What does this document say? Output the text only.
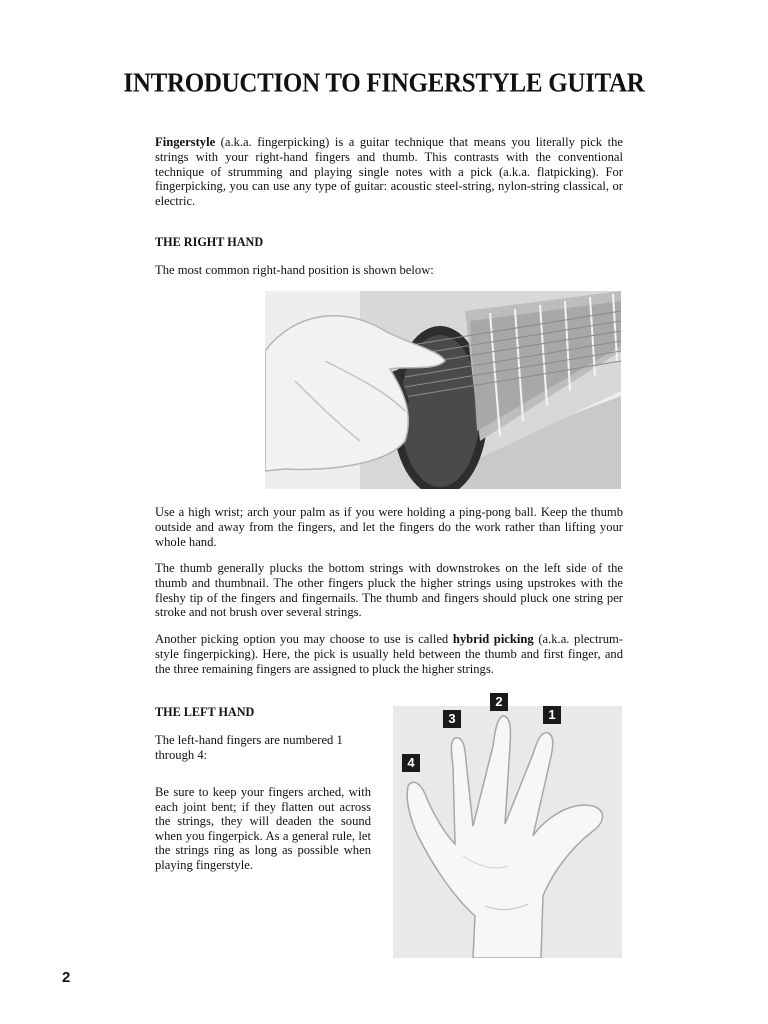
INTRODUCTION TO FINGERSTYLE GUITAR

Fingerstyle (a.k.a. fingerpicking) is a guitar technique that means you literally pick the strings with your right-hand fingers and thumb. This contrasts with the conventional technique of strumming and playing single notes with a pick (a.k.a. flatpicking). For fingerpicking, you can use any type of guitar: acoustic steel-string, nylon-string classical, or electric.

THE RIGHT HAND

The most common right-hand position is shown below:

Use a high wrist; arch your palm as if you were holding a ping-pong ball. Keep the thumb outside and away from the fingers, and let the fingers do the work rather than lifting your whole hand.

The thumb generally plucks the bottom strings with downstrokes on the left side of the thumb and thumbnail. The other fingers pluck the higher strings using upstrokes with the fleshy tip of the fingers and fingernails. The thumb and fingers should pluck one string per stroke and not brush over several strings.

Another picking option you may choose to use is called hybrid picking (a.k.a. plectrum-style fingerpicking). Here, the pick is usually held between the thumb and first finger, and the three remaining fingers are assigned to pluck the higher strings.

THE LEFT HAND

The left-hand fingers are numbered 1 through 4:

Be sure to keep your fingers arched, with each joint bent; if they flatten out across the strings, they will deaden the sound when you fingerpick. As a general rule, let the strings ring as long as possible when playing fingerstyle.

1
2
3
4
2
